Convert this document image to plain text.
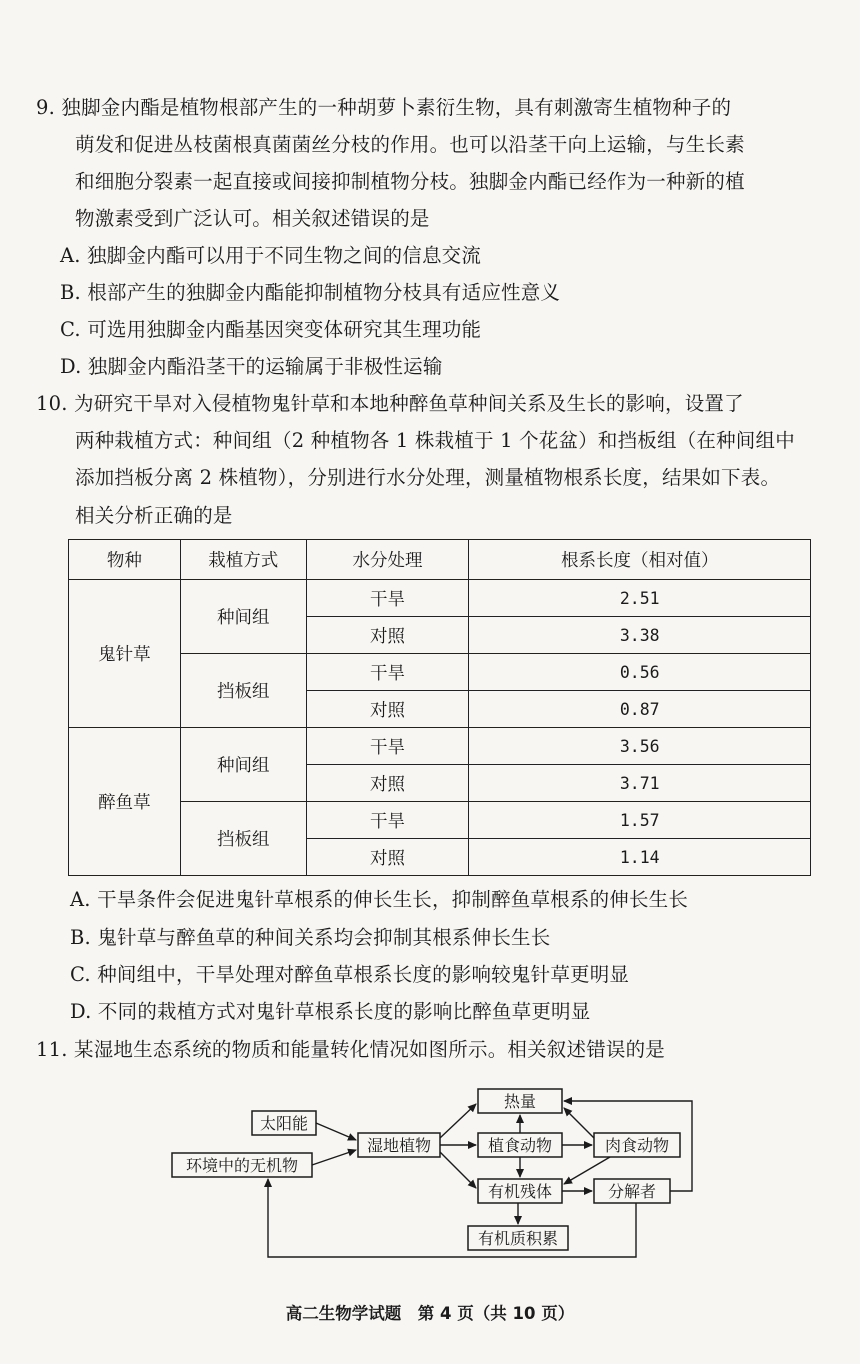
9. 独脚金内酯是植物根部产生的一种胡萝卜素衍生物，具有刺激寄生植物种子的
萌发和促进丛枝菌根真菌菌丝分枝的作用。也可以沿茎干向上运输，与生长素
和细胞分裂素一起直接或间接抑制植物分枝。独脚金内酯已经作为一种新的植
物激素受到广泛认可。相关叙述错误的是
A. 独脚金内酯可以用于不同生物之间的信息交流
B. 根部产生的独脚金内酯能抑制植物分枝具有适应性意义
C. 可选用独脚金内酯基因突变体研究其生理功能
D. 独脚金内酯沿茎干的运输属于非极性运输
10. 为研究干旱对入侵植物鬼针草和本地种醉鱼草种间关系及生长的影响，设置了
两种栽植方式：种间组（2 种植物各 1 株栽植于 1 个花盆）和挡板组（在种间组中
添加挡板分离 2 株植物），分别进行水分处理，测量植物根系长度，结果如下表。
相关分析正确的是
物种	栽植方式	水分处理	根系长度（相对值）
鬼针草	种间组	干旱	2.51
		对照	3.38
	挡板组	干旱	0.56
		对照	0.87
醉鱼草	种间组	干旱	3.56
		对照	3.71
	挡板组	干旱	1.57
		对照	1.14
A. 干旱条件会促进鬼针草根系的伸长生长，抑制醉鱼草根系的伸长生长
B. 鬼针草与醉鱼草的种间关系均会抑制其根系伸长生长
C. 种间组中，干旱处理对醉鱼草根系长度的影响较鬼针草更明显
D. 不同的栽植方式对鬼针草根系长度的影响比醉鱼草更明显
11. 某湿地生态系统的物质和能量转化情况如图所示。相关叙述错误的是
太阳能
环境中的无机物
湿地植物
热量
植食动物	肉食动物
有机残体	分解者
有机质积累
高二生物学试题　第 4 页（共 10 页）
